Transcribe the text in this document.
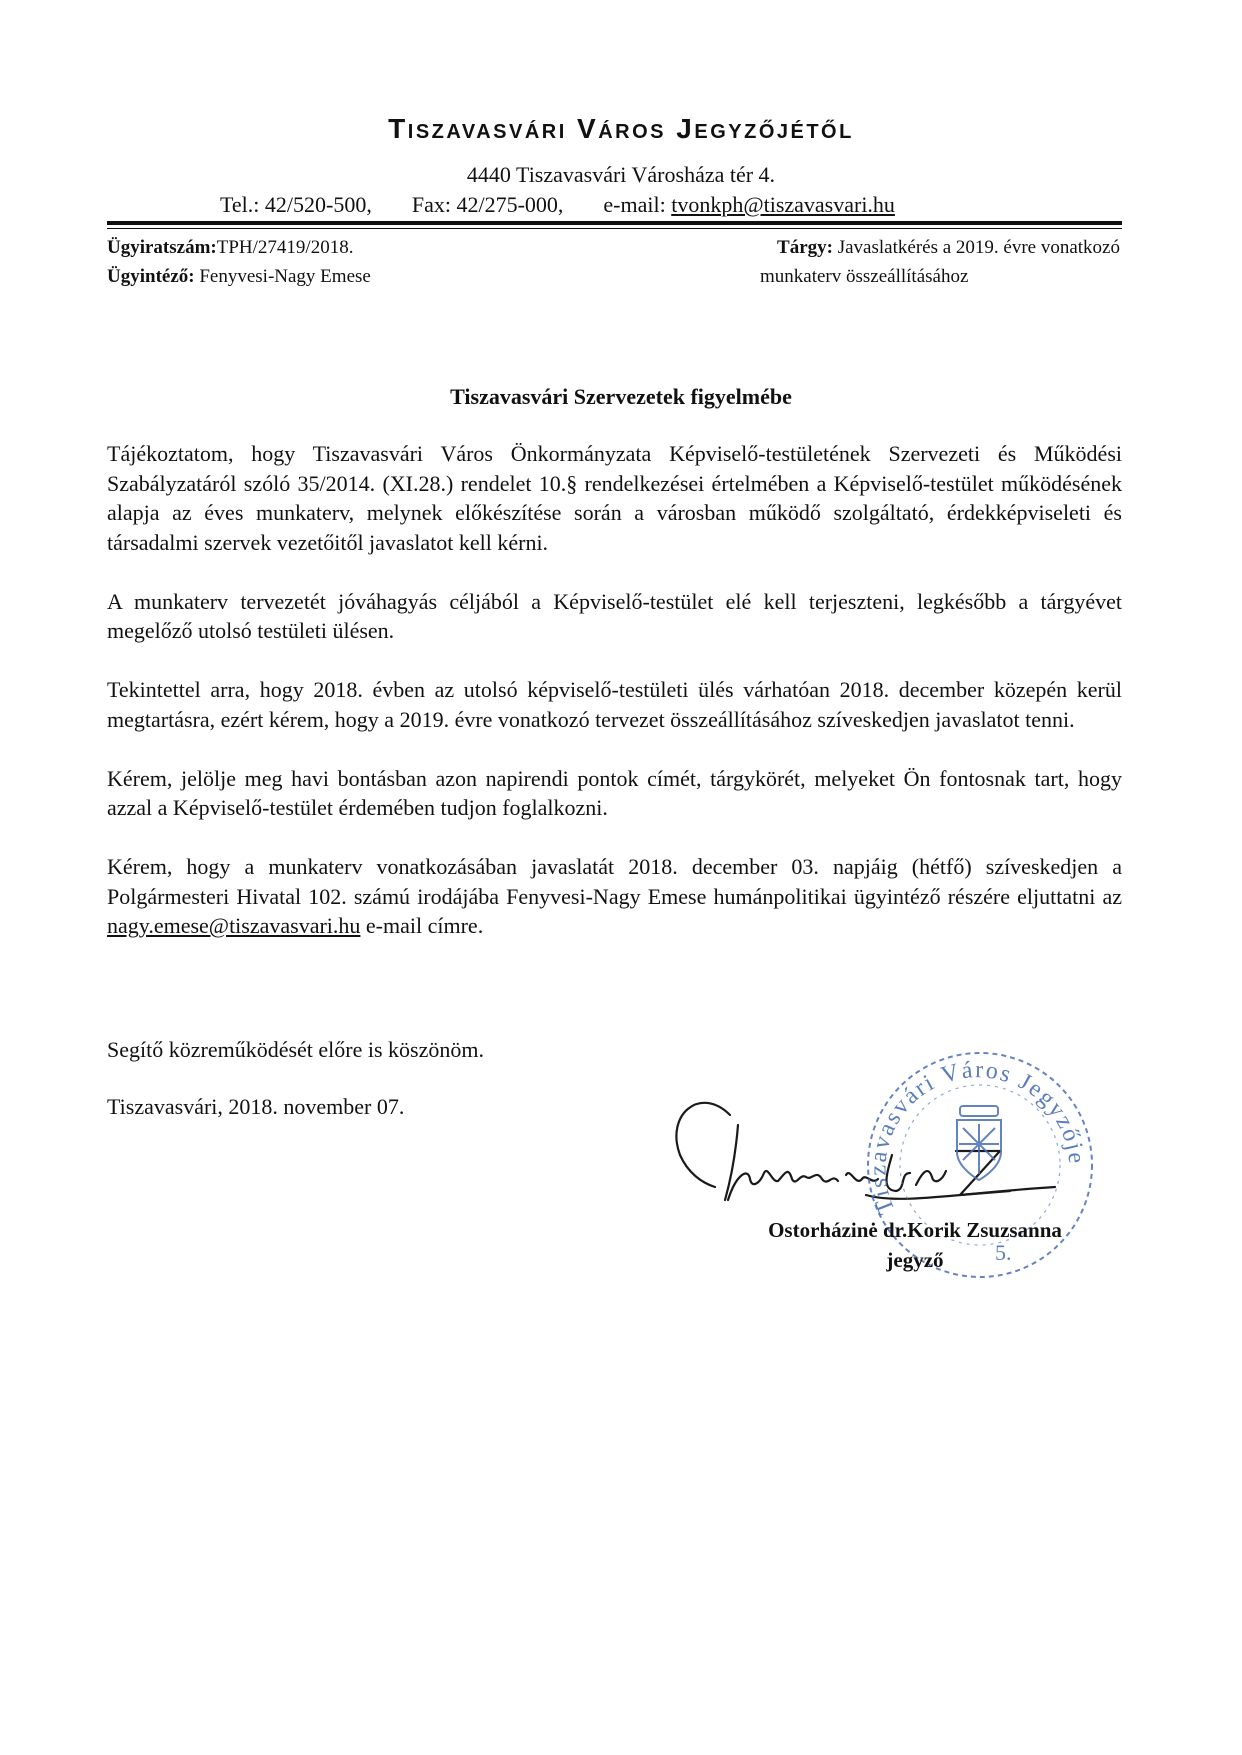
Tiszavasvári Város Jegyzőjétől
4440 Tiszavasvári Városháza tér 4.
Tel.: 42/520-500, Fax: 42/275-000, e-mail: tvonkph@tiszavasvari.hu
Ügyiratszám:TPH/27419/2018.
Ügyintéző: Fenyvesi-Nagy Emese
Tárgy: Javaslatkérés a 2019. évre vonatkozó
munkaterv összeállításához
Tiszavasvári Szervezetek figyelmébe

Tájékoztatom, hogy Tiszavasvári Város Önkormányzata Képviselő-testületének Szervezeti és Működési Szabályzatáról szóló 35/2014. (XI.28.) rendelet 10.§ rendelkezései értelmében a Képviselő-testület működésének alapja az éves munkaterv, melynek előkészítése során a városban működő szolgáltató, érdekképviseleti és társadalmi szervek vezetőitől javaslatot kell kérni.

A munkaterv tervezetét jóváhagyás céljából a Képviselő-testület elé kell terjeszteni, legkésőbb a tárgyévet megelőző utolsó testületi ülésen.

Tekintettel arra, hogy 2018. évben az utolsó képviselő-testületi ülés várhatóan 2018. december közepén kerül megtartásra, ezért kérem, hogy a 2019. évre vonatkozó tervezet összeállításához szíveskedjen javaslatot tenni.

Kérem, jelölje meg havi bontásban azon napirendi pontok címét, tárgykörét, melyeket Ön fontosnak tart, hogy azzal a Képviselő-testület érdemében tudjon foglalkozni.

Kérem, hogy a munkaterv vonatkozásában javaslatát 2018. december 03. napjáig (hétfő) szíveskedjen a Polgármesteri Hivatal 102. számú irodájába Fenyvesi-Nagy Emese humánpolitikai ügyintéző részére eljuttatni az nagy.emese@tiszavasvari.hu e-mail címre.

Segítő közreműködését előre is köszönöm.
Tiszavasvári, 2018. november 07.
Tiszavasvári Város Jegyzője
5.
Ostorházinė dr.Korik Zsuzsanna
jegyző
